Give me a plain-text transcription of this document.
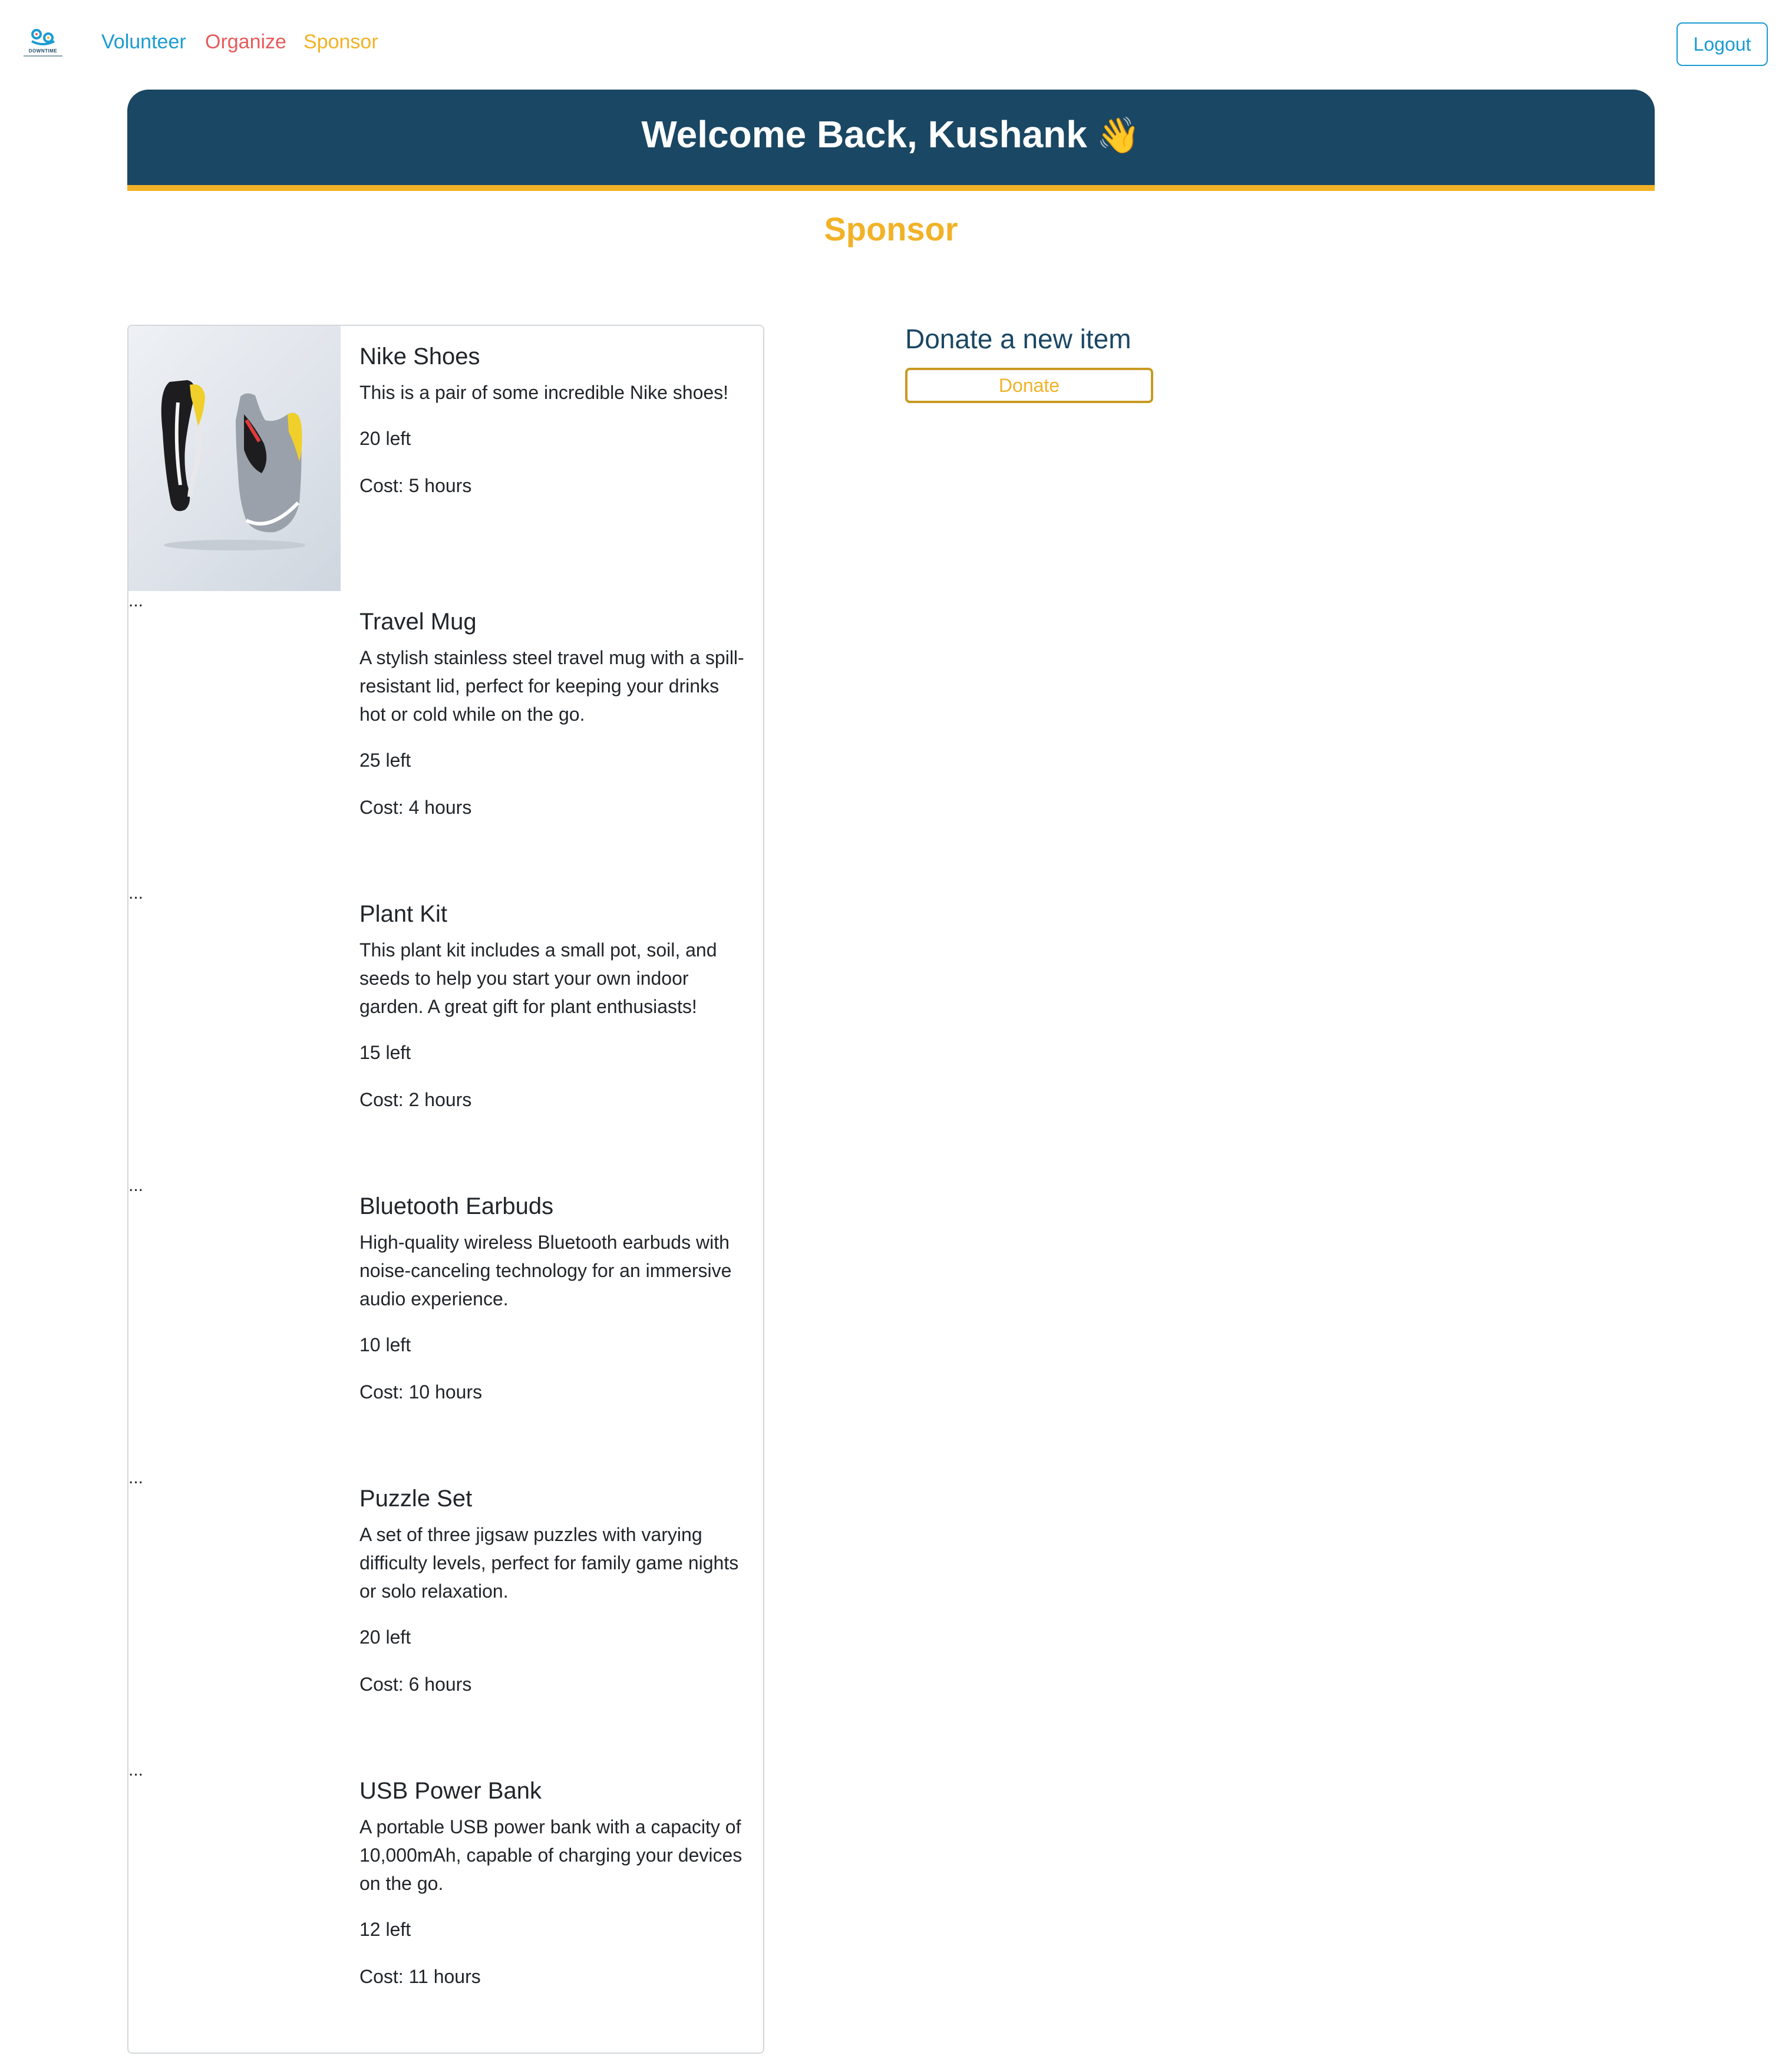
DOWNTIME	Volunteer Organize Sponsor	Logout
Welcome Back, Kushank 👋
Sponsor
Nike Shoes

This is a pair of some incredible Nike shoes!

20 left

Cost: 5 hours

...
Travel Mug

A stylish stainless steel travel mug with a spill-resistant lid, perfect for keeping your drinks hot or cold while on the go.

25 left

Cost: 4 hours

...
Plant Kit

This plant kit includes a small pot, soil, and seeds to help you start your own indoor garden. A great gift for plant enthusiasts!

15 left

Cost: 2 hours

...
Bluetooth Earbuds

High-quality wireless Bluetooth earbuds with noise-canceling technology for an immersive audio experience.

10 left

Cost: 10 hours

...
Puzzle Set

A set of three jigsaw puzzles with varying difficulty levels, perfect for family game nights or solo relaxation.

20 left

Cost: 6 hours

...
USB Power Bank

A portable USB power bank with a capacity of 10,000mAh, capable of charging your devices on the go.

12 left

Cost: 11 hours

Donate a new item
Donate
